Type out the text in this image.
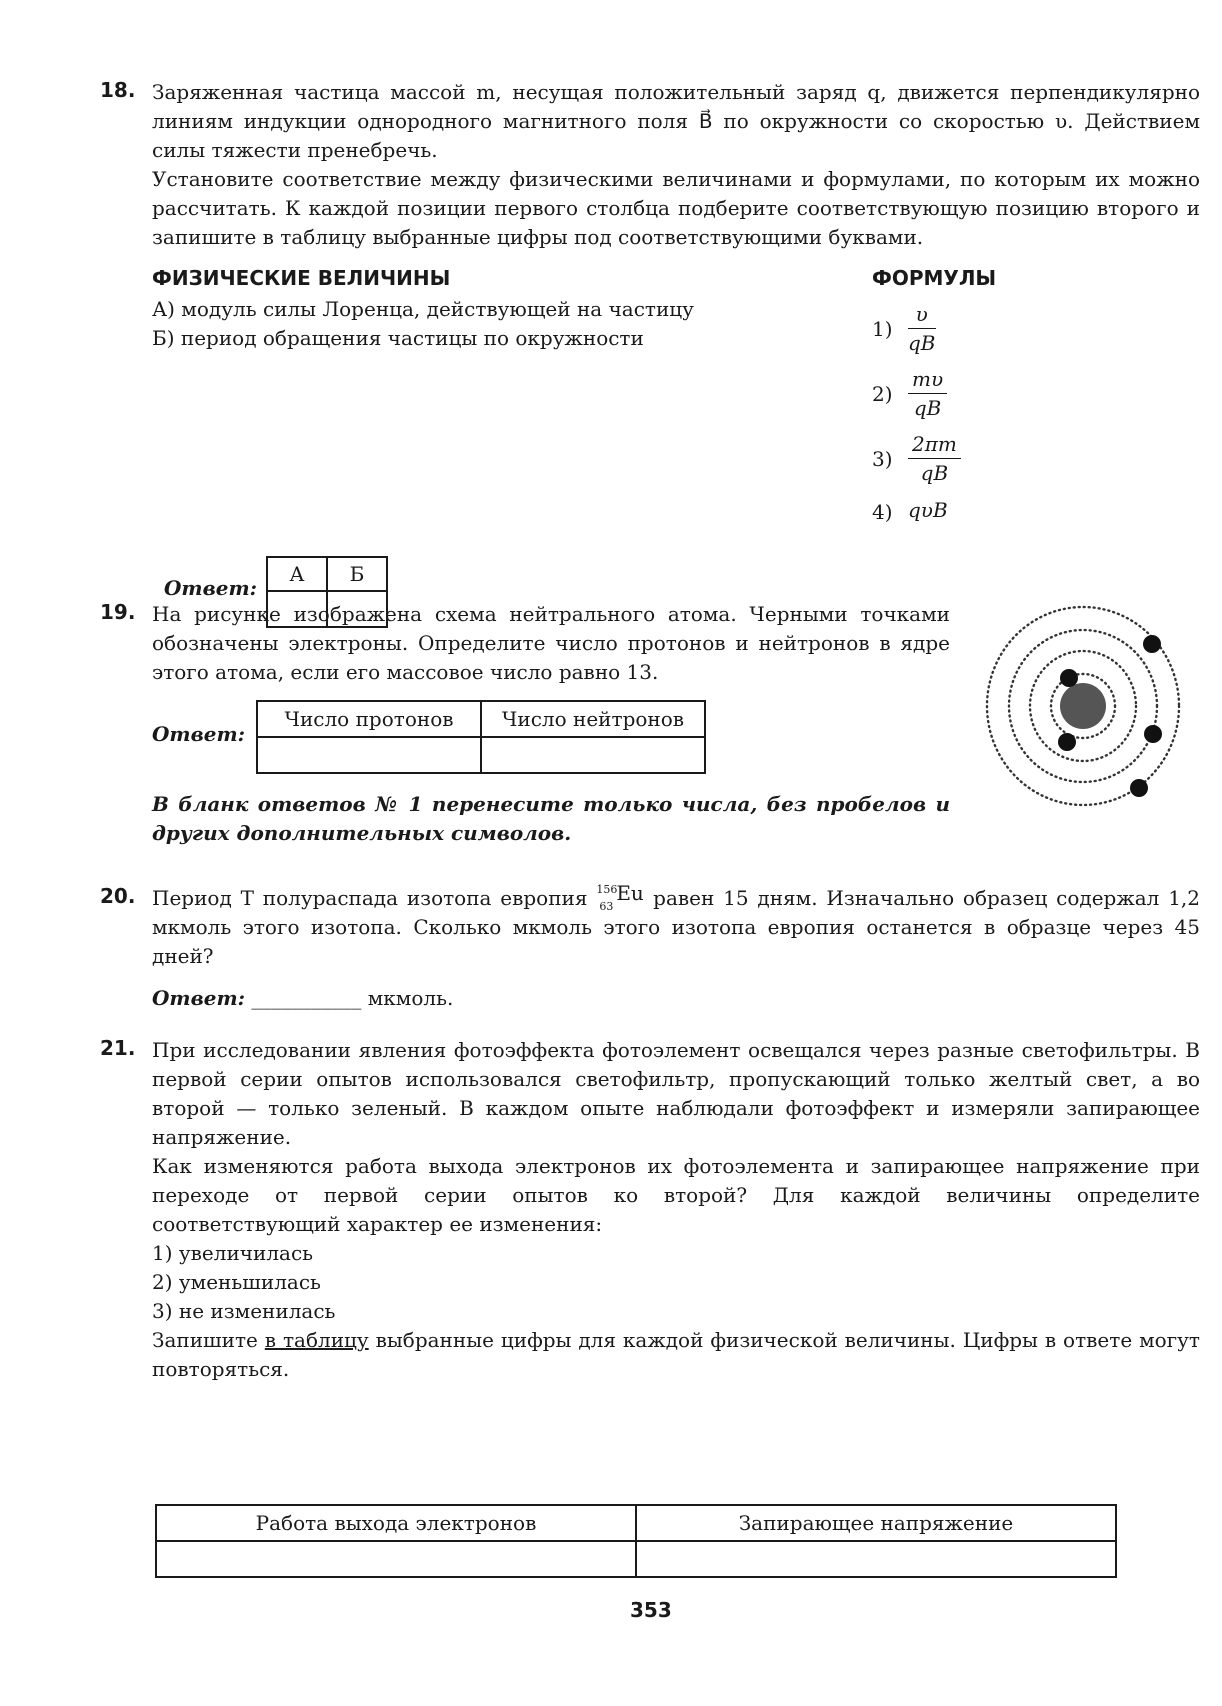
18. Заряженная частица массой m, несущая положительный заряд q, движется перпендикулярно линиям индукции однородного магнитного поля B⃗ по окружности со скоростью υ. Действием силы тяжести пренебречь.

Установите соответствие между физическими величинами и формулами, по которым их можно рассчитать. К каждой позиции первого столбца подберите соответствующую позицию второго и запишите в таблицу выбранные цифры под соответствующими буквами.

ФИЗИЧЕСКИЕ ВЕЛИЧИНЫ	ФОРМУЛЫ
А) модуль силы Лоренца, действующей на частицу
Б) период обращения частицы по окружности	$1) \frac{\upsilon}{qB}$
$2) \frac{m\upsilon}{qB}$
$3) \frac{2\pi m}{qB}$
4) qυB
Ответ:
А	Б

19. На рисунке изображена схема нейтрального атома. Черными точками обозначены электроны. Определите число протонов и нейтронов в ядре этого атома, если его массовое число равно 13.

Ответ:
Число протонов	Число нейтронов

В бланк ответов № 1 перенесите только числа, без пробелов и других дополнительных символов.
20. Период T полураспада изотопа европия 156
63
Eu равен 15 дням. Изначально образец содержал 1,2 мкмоль этого изотопа. Сколько мкмоль этого изотопа европия останется в образце через 45 дней?

Ответ: ___________ мкмоль.
21. При исследовании явления фотоэффекта фотоэлемент освещался через разные светофильтры. В первой серии опытов использовался светофильтр, пропускающий только желтый свет, а во второй — только зеленый. В каждом опыте наблюдали фотоэффект и измеряли запирающее напряжение.

Как изменяются работа выхода электронов их фотоэлемента и запирающее напряжение при переходе от первой серии опытов ко второй? Для каждой величины определите соответствующий характер ее изменения:

1) увеличилась

2) уменьшилась

3) не изменилась

Запишите в таблицу выбранные цифры для каждой физической величины. Цифры в ответе могут повторяться.

Работа выхода электронов	Запирающее напряжение

353
